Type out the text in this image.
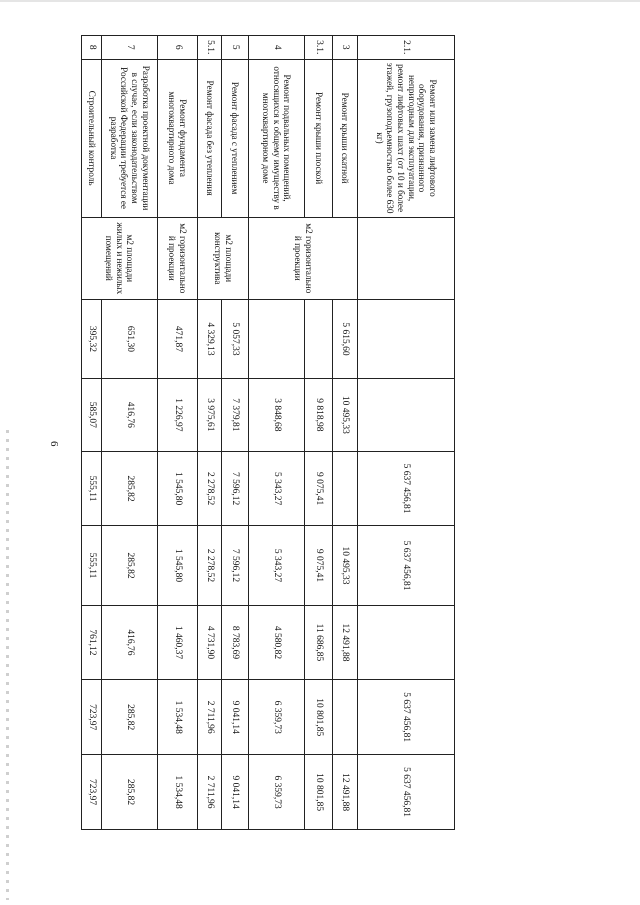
6
2.1.	Ремонт или замена лифтового оборудования, признанного непригодным для эксплуатации, ремонт лифтовых шахт (от 10 и более этажей, грузоподъемностью более 630 кг)				5 637 456,81	5 637 456,81		5 637 456,81	5 637 456,81
3	Ремонт крыши скатной	м2 горизонтально й проекции	5 615,60	10 495,33		10 495,33	12 491,88		12 491,88
3.1.	Ремонт крыши плоской			9 818,98	9 075,41	9 075,41	11 686,85	10 801,85	10 801,85
4	Ремонт подвальных помещений, относящихся к общему имуществу в многоквартирном доме			3 848,68	5 343,27	5 343,27	4 580,82	6 359,73	6 359,73
5	Ремонт фасада с утеплением	м2 площади конструктива	5 057,33	7 379,81	7 596,12	7 596,12	8 783,69	9 041,14	9 041,14
5.1.	Ремонт фасада без утепления		4 329,13	3 975,61	2 278,52	2 278,52	4 731,90	2 711,96	2 711,96
6	Ремонт фундамента многоквартирного дома	м2 горизонтально й проекции	471,87	1 226,97	1 545,80	1 545,80	1 460,37	1 534,48	1 534,48
7	Разработка проектной документации в случае, если законодательством Российской Федерации требуется ее разработка	м2 площади жилых и нежилых помещений	651,30	416,76	285,82	285,82	416,76	285,82	285,82
8	Строительный контроль		395,32	585,07	555,11	555,11	761,12	723,97	723,97
